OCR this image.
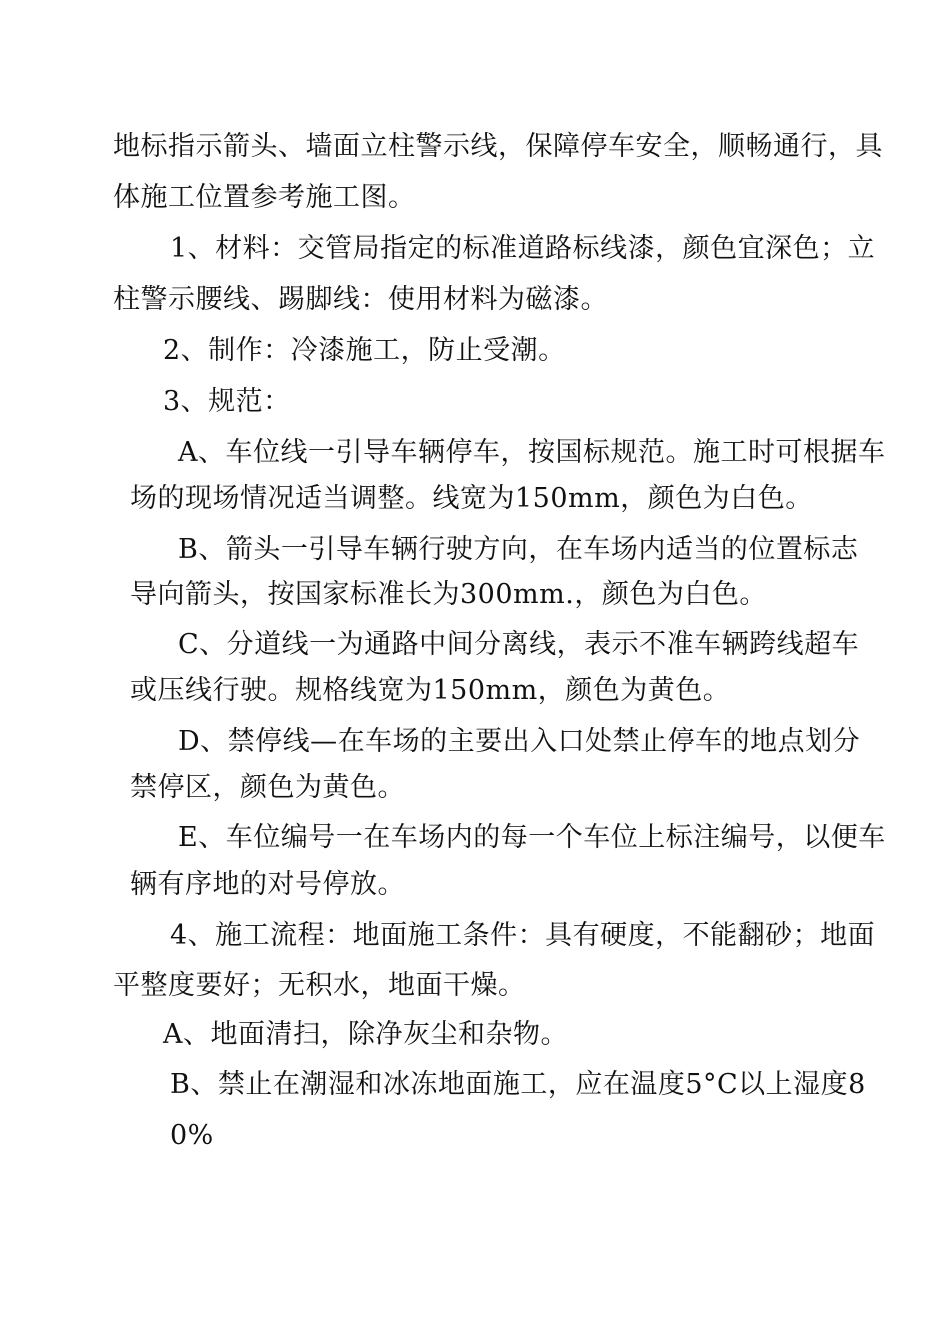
地标指示箭头、墙面立柱警示线，保障停车安全，顺畅通行，具
体施工位置参考施工图。
1、材料：交管局指定的标准道路标线漆，颜色宜深色；立
柱警示腰线、踢脚线：使用材料为磁漆。
2、制作：冷漆施工，防止受潮。
3、规范：
A、车位线一引导车辆停车，按国标规范。施工时可根据车
场的现场情况适当调整。线宽为150mm，颜色为白色。
B、箭头一引导车辆行驶方向，在车场内适当的位置标志
导向箭头，按国家标准长为300mm.，颜色为白色。
C、分道线一为通路中间分离线，表示不准车辆跨线超车
或压线行驶。规格线宽为150mm，颜色为黄色。
D、禁停线—在车场的主要出入口处禁止停车的地点划分
禁停区，颜色为黄色。
E、车位编号一在车场内的每一个车位上标注编号，以便车
辆有序地的对号停放。
4、施工流程：地面施工条件：具有硬度，不能翻砂；地面
平整度要好；无积水，地面干燥。
A、地面清扫，除净灰尘和杂物。
B、禁止在潮湿和冰冻地面施工，应在温度5°C以上湿度8
0%
